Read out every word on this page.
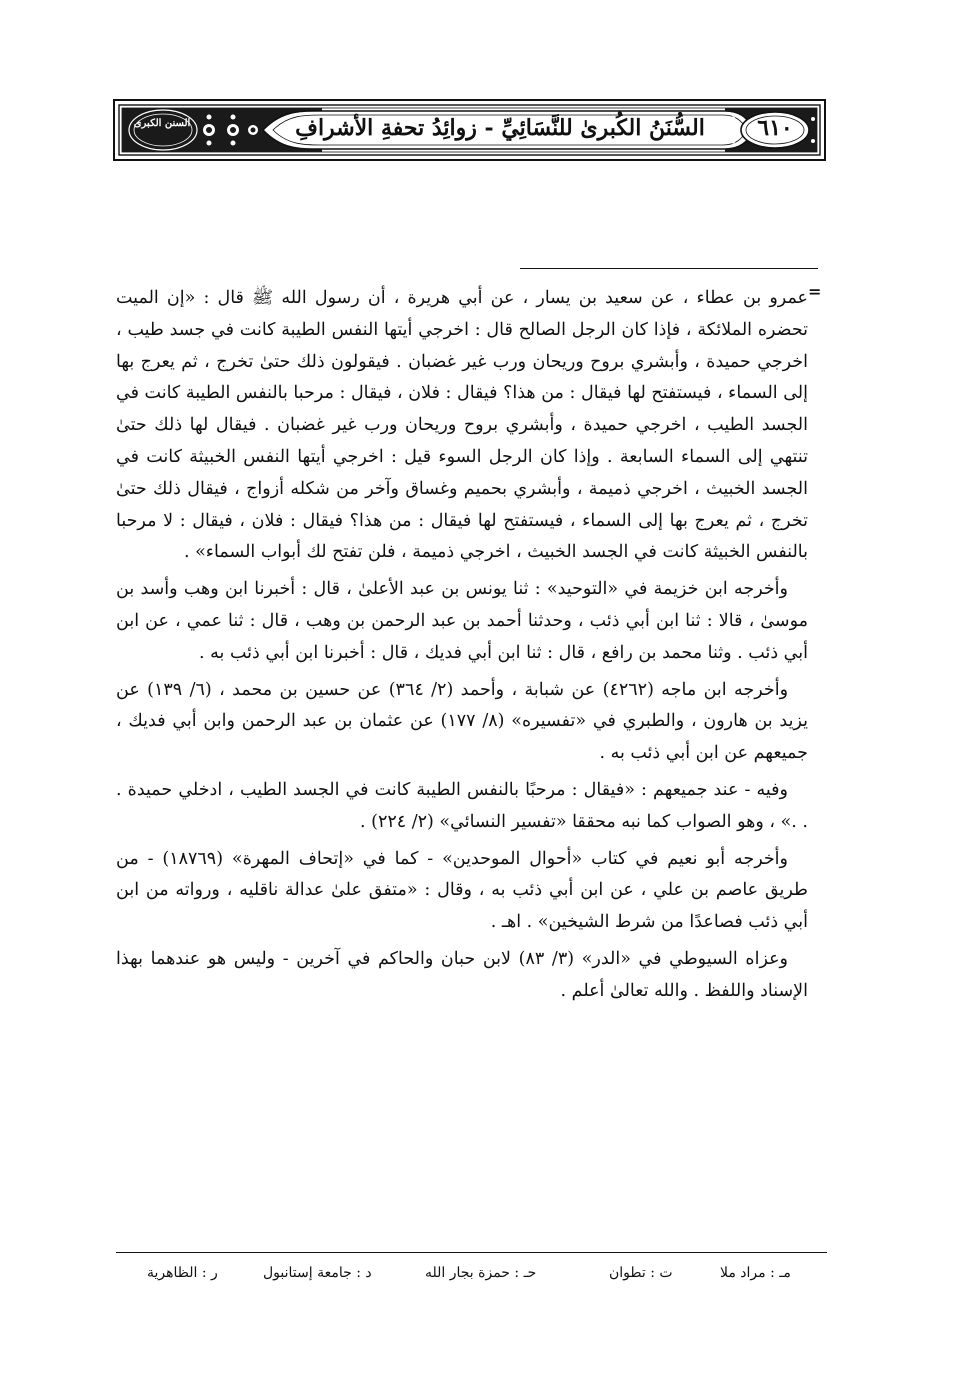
٦١٠
السُّنَنُ الكُبرىٰ للنَّسَائِيِّ - زوائِدُ تحفةِ الأشرافِ
السنن الكبرى
=

عمرو بن عطاء ، عن سعيد بن يسار ، عن أبي هريرة ، أن رسول الله ﷺ قال : «إن الميت تحضره الملائكة ، فإذا كان الرجل الصالح قال : اخرجي أيتها النفس الطيبة كانت في جسد طيب ، اخرجي حميدة ، وأبشري بروح وريحان ورب غير غضبان . فيقولون ذلك حتىٰ تخرج ، ثم يعرج بها إلى السماء ، فيستفتح لها فيقال : من هذا؟ فيقال : فلان ، فيقال : مرحبا بالنفس الطيبة كانت في الجسد الطيب ، اخرجي حميدة ، وأبشري بروح وريحان ورب غير غضبان . فيقال لها ذلك حتىٰ تنتهي إلى السماء السابعة . وإذا كان الرجل السوء قيل : اخرجي أيتها النفس الخبيثة كانت في الجسد الخبيث ، اخرجي ذميمة ، وأبشري بحميم وغساق وآخر من شكله أزواج ، فيقال ذلك حتىٰ تخرج ، ثم يعرج بها إلى السماء ، فيستفتح لها فيقال : من هذا؟ فيقال : فلان ، فيقال : لا مرحبا بالنفس الخبيثة كانت في الجسد الخبيث ، اخرجي ذميمة ، فلن تفتح لك أبواب السماء» .

وأخرجه ابن خزيمة في «التوحيد» : ثنا يونس بن عبد الأعلىٰ ، قال : أخبرنا ابن وهب وأسد بن موسىٰ ، قالا : ثنا ابن أبي ذئب ، وحدثنا أحمد بن عبد الرحمن بن وهب ، قال : ثنا عمي ، عن ابن أبي ذئب . وثنا محمد بن رافع ، قال : ثنا ابن أبي فديك ، قال : أخبرنا ابن أبي ذئب به .

وأخرجه ابن ماجه (٤٢٦٢) عن شبابة ، وأحمد (٢/ ٣٦٤) عن حسين بن محمد ، (٦/ ١٣٩) عن يزيد بن هارون ، والطبري في «تفسيره» (٨/ ١٧٧) عن عثمان بن عبد الرحمن وابن أبي فديك ، جميعهم عن ابن أبي ذئب به .

وفيه - عند جميعهم : «فيقال : مرحبًا بالنفس الطيبة كانت في الجسد الطيب ، ادخلي حميدة . . .» ، وهو الصواب كما نبه محققا «تفسير النسائي» (٢/ ٢٢٤) .

وأخرجه أبو نعيم في كتاب «أحوال الموحدين» - كما في «إتحاف المهرة» (١٨٧٦٩) - من طريق عاصم بن علي ، عن ابن أبي ذئب به ، وقال : «متفق علىٰ عدالة ناقليه ، ورواته من ابن أبي ذئب فصاعدًا من شرط الشيخين» . اهـ .

وعزاه السيوطي في «الدر» (٣/ ٨٣) لابن حبان والحاكم في آخرين - وليس هو عندهما بهذا الإسناد واللفظ . والله تعالىٰ أعلم .

مـ : مراد ملا
ت : تطوان
حـ : حمزة بجار الله
د : جامعة إستانبول
ر : الظاهرية
